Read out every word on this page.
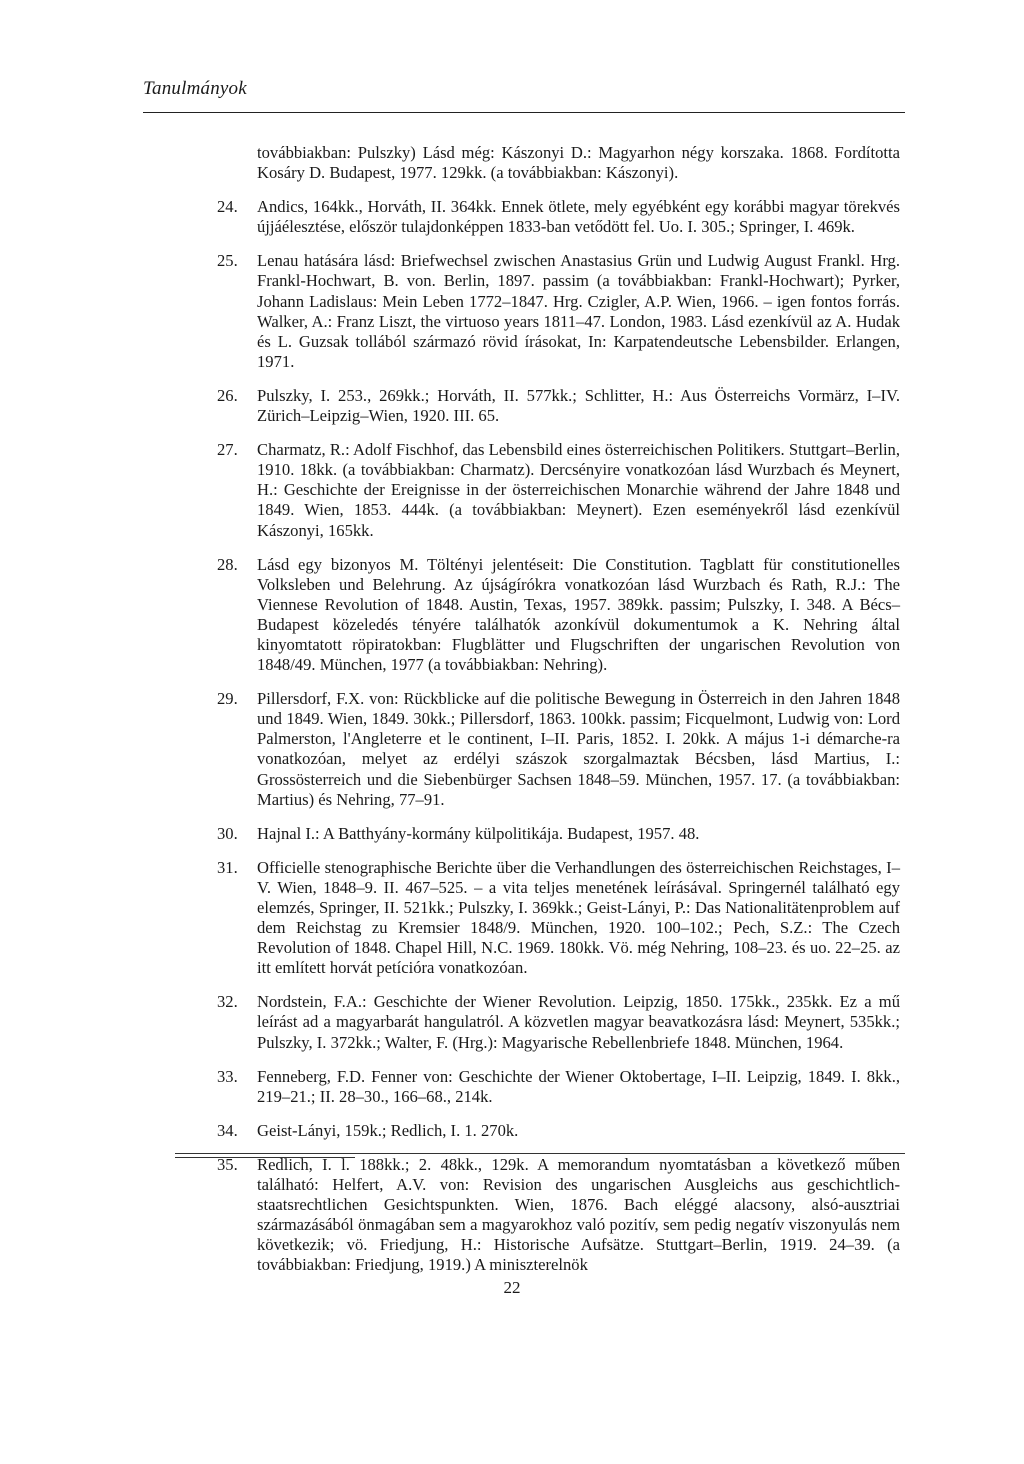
Tanulmányok
továbbiakban: Pulszky) Lásd még: Kászonyi D.: Magyarhon négy korszaka. 1868. Fordította Kosáry D. Budapest, 1977. 129kk. (a továbbiakban: Kászonyi).
24.	Andics, 164kk., Horváth, II. 364kk. Ennek ötlete, mely egyébként egy korábbi magyar törekvés újjáélesztése, először tulajdonképpen 1833-ban vetődött fel. Uo. I. 305.; Springer, I. 469k.
25.	Lenau hatására lásd: Briefwechsel zwischen Anastasius Grün und Ludwig August Frankl. Hrg. Frankl-Hochwart, B. von. Berlin, 1897. passim (a továbbiakban: Frankl-Hochwart); Pyrker, Johann Ladislaus: Mein Leben 1772–1847. Hrg. Czigler, A.P. Wien, 1966. – igen fontos forrás. Walker, A.: Franz Liszt, the virtuoso years 1811–47. London, 1983. Lásd ezenkívül az A. Hudak és L. Guzsak tollából származó rövid írásokat, In: Karpatendeutsche Lebensbilder. Erlangen, 1971.
26.	Pulszky, I. 253., 269kk.; Horváth, II. 577kk.; Schlitter, H.: Aus Österreichs Vormärz, I–IV. Zürich–Leipzig–Wien, 1920. III. 65.
27.	Charmatz, R.: Adolf Fischhof, das Lebensbild eines österreichischen Politikers. Stuttgart–Berlin, 1910. 18kk. (a továbbiakban: Charmatz). Dercsényire vonatkozóan lásd Wurzbach és Meynert, H.: Geschichte der Ereignisse in der österreichischen Monarchie während der Jahre 1848 und 1849. Wien, 1853. 444k. (a továbbiakban: Meynert). Ezen eseményekről lásd ezenkívül Kászonyi, 165kk.
28.	Lásd egy bizonyos M. Töltényi jelentéseit: Die Constitution. Tagblatt für constitutionelles Volksleben und Belehrung. Az újságírókra vonatkozóan lásd Wurzbach és Rath, R.J.: The Viennese Revolution of 1848. Austin, Texas, 1957. 389kk. passim; Pulszky, I. 348. A Bécs–Budapest közeledés tényére találhatók azonkívül dokumentumok a K. Nehring által kinyomtatott röpiratokban: Flugblätter und Flugschriften der ungarischen Revolution von 1848/49. München, 1977 (a továbbiakban: Nehring).
29.	Pillersdorf, F.X. von: Rückblicke auf die politische Bewegung in Österreich in den Jahren 1848 und 1849. Wien, 1849. 30kk.; Pillersdorf, 1863. 100kk. passim; Ficquelmont, Ludwig von: Lord Palmerston, l'Angleterre et le continent, I–II. Paris, 1852. I. 20kk. A május 1-i démarche-ra vonatkozóan, melyet az erdélyi szászok szorgalmaztak Bécsben, lásd Martius, I.: Grossösterreich und die Siebenbürger Sachsen 1848–59. München, 1957. 17. (a továbbiakban: Martius) és Nehring, 77–91.
30.	Hajnal I.: A Batthyány-kormány külpolitikája. Budapest, 1957. 48.
31.	Officielle stenographische Berichte über die Verhandlungen des österreichischen Reichstages, I–V. Wien, 1848–9. II. 467–525. – a vita teljes menetének leírásával. Springernél található egy elemzés, Springer, II. 521kk.; Pulszky, I. 369kk.; Geist-Lányi, P.: Das Nationalitätenproblem auf dem Reichstag zu Kremsier 1848/9. München, 1920. 100–102.; Pech, S.Z.: The Czech Revolution of 1848. Chapel Hill, N.C. 1969. 180kk. Vö. még Nehring, 108–23. és uo. 22–25. az itt említett horvát petícióra vonatkozóan.
32.	Nordstein, F.A.: Geschichte der Wiener Revolution. Leipzig, 1850. 175kk., 235kk. Ez a mű leírást ad a magyarbarát hangulatról. A közvetlen magyar beavatkozásra lásd: Meynert, 535kk.; Pulszky, I. 372kk.; Walter, F. (Hrg.): Magyarische Rebellenbriefe 1848. München, 1964.
33.	Fenneberg, F.D. Fenner von: Geschichte der Wiener Oktobertage, I–II. Leipzig, 1849. I. 8kk., 219–21.; II. 28–30., 166–68., 214k.
34.	Geist-Lányi, 159k.; Redlich, I. 1. 270k.
35.	Redlich, I. l. 188kk.; 2. 48kk., 129k. A memorandum nyomtatásban a következő műben található: Helfert, A.V. von: Revision des ungarischen Ausgleichs aus geschichtlich-staatsrechtlichen Gesichtspunkten. Wien, 1876. Bach eléggé alacsony, alsó-ausztriai származásából önmagában sem a magyarokhoz való pozitív, sem pedig negatív viszonyulás nem következik; vö. Friedjung, H.: Historische Aufsätze. Stuttgart–Berlin, 1919. 24–39. (a továbbiakban: Friedjung, 1919.) A miniszterelnök
22
